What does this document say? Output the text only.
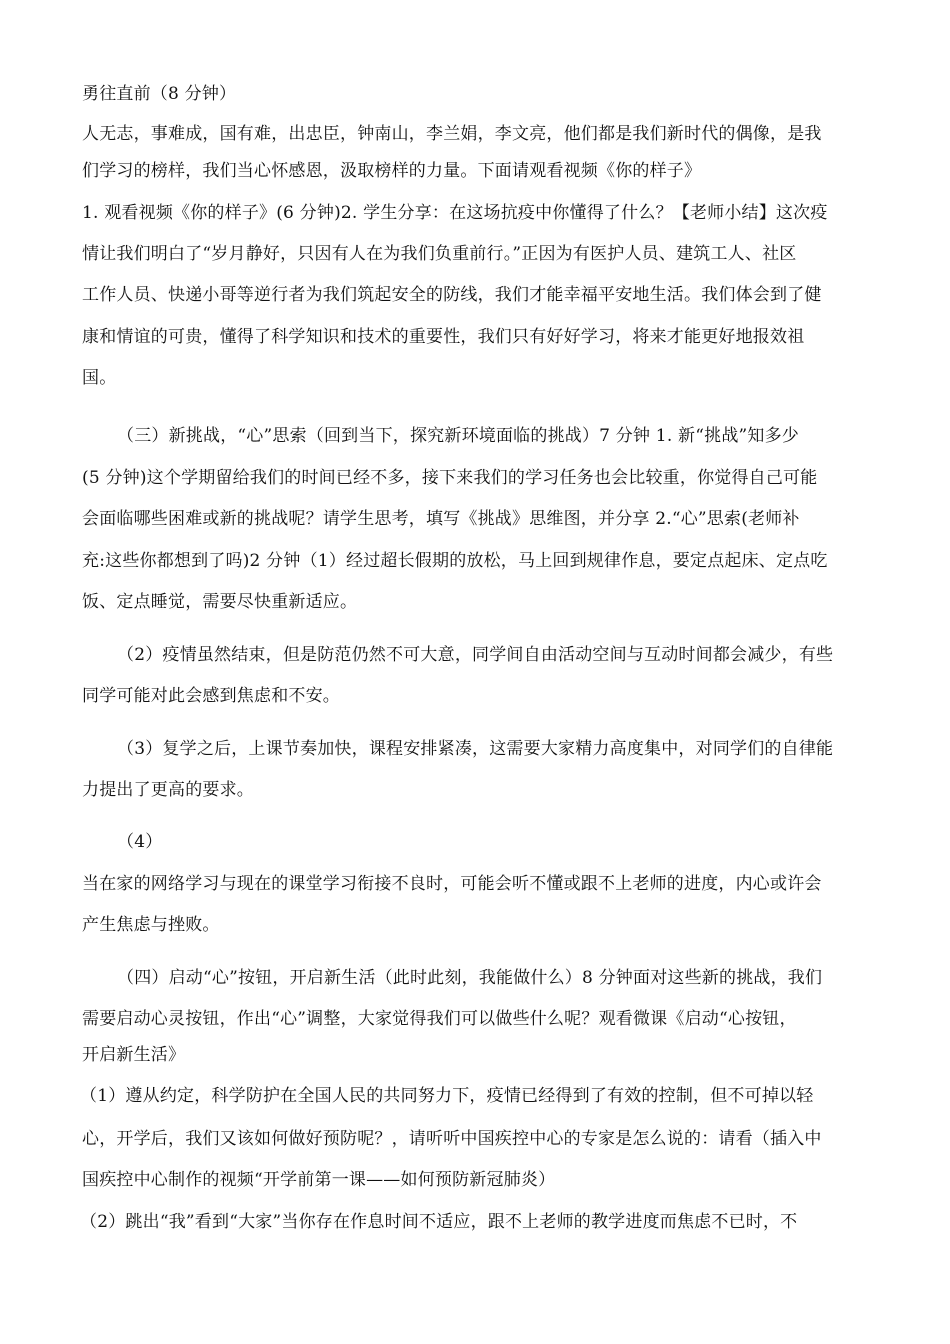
勇往直前（8 分钟）
人无志，事难成，国有难，出忠臣，钟南山，李兰娟，李文亮，他们都是我们新时代的偶像，是我
们学习的榜样，我们当心怀感恩，汲取榜样的力量。下面请观看视频《你的样子》
1. 观看视频《你的样子》(6 分钟)2. 学生分享：在这场抗疫中你懂得了什么？【老师小结】这次疫
情让我们明白了“岁月静好，只因有人在为我们负重前行。”正因为有医护人员、建筑工人、社区
工作人员、快递小哥等逆行者为我们筑起安全的防线，我们才能幸福平安地生活。我们体会到了健
康和情谊的可贵，懂得了科学知识和技术的重要性，我们只有好好学习，将来才能更好地报效祖
国。
（三）新挑战，“心”思索（回到当下，探究新环境面临的挑战）7 分钟 1. 新“挑战”知多少
(5 分钟)这个学期留给我们的时间已经不多，接下来我们的学习任务也会比较重，你觉得自己可能
会面临哪些困难或新的挑战呢？请学生思考，填写《挑战》思维图，并分享 2.“心”思索(老师补
充:这些你都想到了吗)2 分钟（1）经过超长假期的放松，马上回到规律作息，要定点起床、定点吃
饭、定点睡觉，需要尽快重新适应。
（2）疫情虽然结束，但是防范仍然不可大意，同学间自由活动空间与互动时间都会减少，有些
同学可能对此会感到焦虑和不安。
（3）复学之后，上课节奏加快，课程安排紧凑，这需要大家精力高度集中，对同学们的自律能
力提出了更高的要求。
（4）
当在家的网络学习与现在的课堂学习衔接不良时，可能会听不懂或跟不上老师的进度，内心或许会
产生焦虑与挫败。
（四）启动“心”按钮，开启新生活（此时此刻，我能做什么）8 分钟面对这些新的挑战，我们
需要启动心灵按钮，作出“心”调整，大家觉得我们可以做些什么呢？观看微课《启动“心按钮，
开启新生活》
（1）遵从约定，科学防护在全国人民的共同努力下，疫情已经得到了有效的控制，但不可掉以轻
心，开学后，我们又该如何做好预防呢？，请听听中国疾控中心的专家是怎么说的：请看（插入中
国疾控中心制作的视频“开学前第一课——如何预防新冠肺炎）
（2）跳出“我”看到“大家”当你存在作息时间不适应，跟不上老师的教学进度而焦虑不已时，不
